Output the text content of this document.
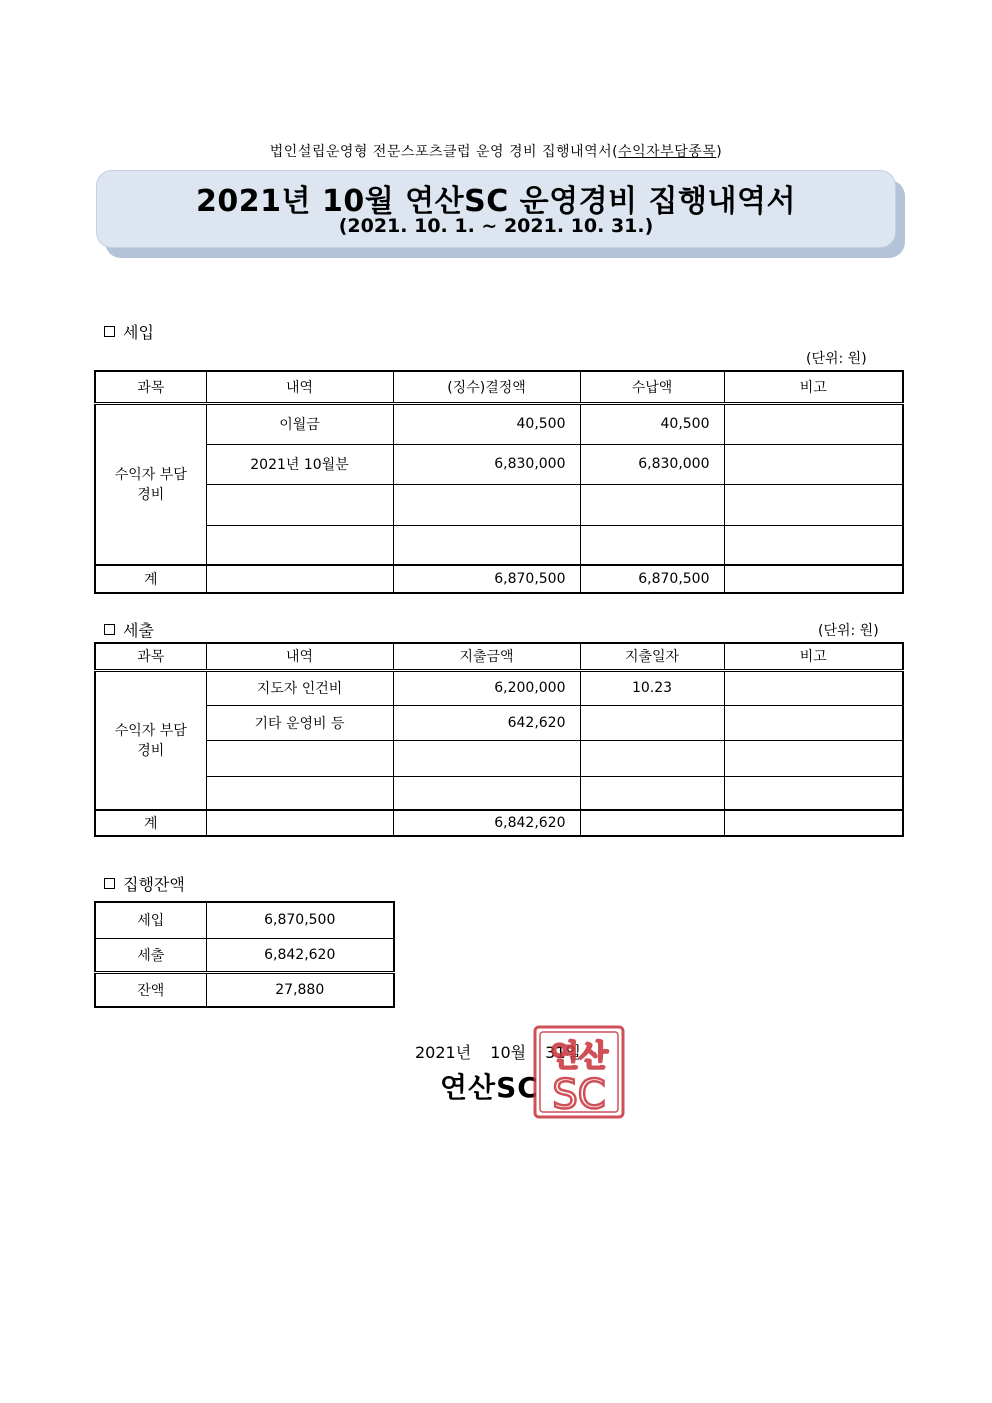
법인설립운영형 전문스포츠클럽 운영 경비 집행내역서(수익자부담종목)
2021년 10월 연산SC 운영경비 집행내역서
(2021. 10. 1. ~ 2021. 10. 31.)
세입
(단위: 원)
과목	내역	(징수)결정액	수납액	비고

수익자 부담
경비	이월금	40,500	40,500	
	2021년 10월분	6,830,000	6,830,000	

계		6,870,500	6,870,500	
세출	(단위: 원)
과목	내역	지출금액	지출일자	비고

수익자 부담
경비	지도자 인건비	6,200,000	10.23	
	기타 운영비 등	642,620		

계		6,842,620		
집행잔액
세입	6,870,500
세출	6,842,620
잔액	27,880
2021년 10월 31일
연산SC
연산
SC
